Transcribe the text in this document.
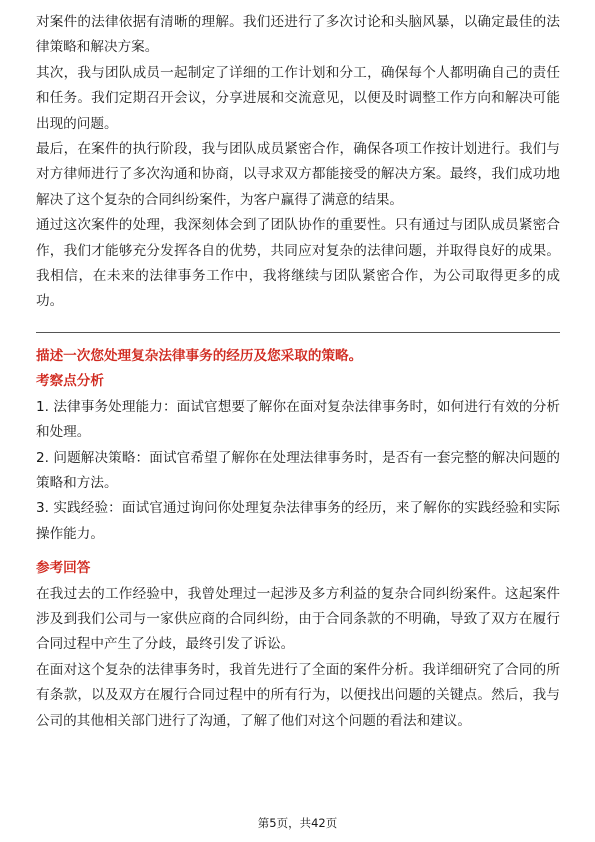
对案件的法律依据有清晰的理解。我们还进行了多次讨论和头脑风暴，以确定最佳的法律策略和解决方案。

其次，我与团队成员一起制定了详细的工作计划和分工，确保每个人都明确自己的责任和任务。我们定期召开会议，分享进展和交流意见，以便及时调整工作方向和解决可能出现的问题。

最后，在案件的执行阶段，我与团队成员紧密合作，确保各项工作按计划进行。我们与对方律师进行了多次沟通和协商，以寻求双方都能接受的解决方案。最终，我们成功地解决了这个复杂的合同纠纷案件，为客户赢得了满意的结果。

通过这次案件的处理，我深刻体会到了团队协作的重要性。只有通过与团队成员紧密合作，我们才能够充分发挥各自的优势，共同应对复杂的法律问题，并取得良好的成果。我相信，在未来的法律事务工作中，我将继续与团队紧密合作，为公司取得更多的成功。

描述一次您处理复杂法律事务的经历及您采取的策略。

考察点分析

1. 法律事务处理能力：面试官想要了解你在面对复杂法律事务时，如何进行有效的分析和处理。

2. 问题解决策略：面试官希望了解你在处理法律事务时，是否有一套完整的解决问题的策略和方法。

3. 实践经验：面试官通过询问你处理复杂法律事务的经历，来了解你的实践经验和实际操作能力。

参考回答

在我过去的工作经验中，我曾处理过一起涉及多方利益的复杂合同纠纷案件。这起案件涉及到我们公司与一家供应商的合同纠纷，由于合同条款的不明确，导致了双方在履行合同过程中产生了分歧，最终引发了诉讼。

在面对这个复杂的法律事务时，我首先进行了全面的案件分析。我详细研究了合同的所有条款，以及双方在履行合同过程中的所有行为，以便找出问题的关键点。然后，我与公司的其他相关部门进行了沟通，了解了他们对这个问题的看法和建议。

第5页，共42页
